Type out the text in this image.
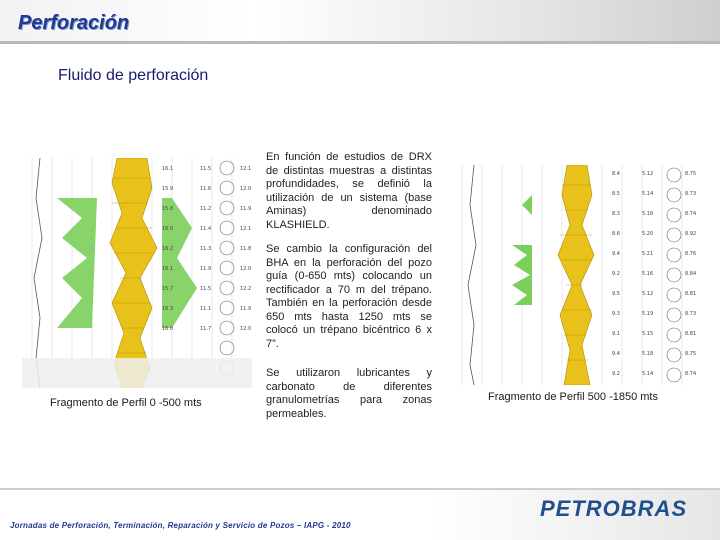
Perforación
Fluido de perforación
16.1
15.9
15.8
16.0
16.2
16.1
15.7
16.3
16.0
11.5
11.6
11.2
11.4
11.3
11.9
11.5
11.1
11.7
12.1
12.0
11.9
12.1
11.8
12.0
12.2
11.9
12.0
Fragmento de Perfil 0 -500 mts
En función de estudios de DRX de distintas muestras a distintas profundidades, se definió la utilización de un sistema (base Aminas) denominado KLASHIELD.
Se cambio la configuración del BHA en la perforación del pozo guía (0-650 mts) colocando un rectificador a 70 m del trépano. También en la perforación desde 650 mts hasta 1250 mts se colocó un trépano bicéntrico 6 x 7”.
Se utilizaron lubricantes y carbonato de diferentes granulometrías para zonas permeables.
8.4
8.5
8.3
8.6
9.4
9.2
9.5
9.3
9.1
9.4
9.2
5.12
5.14
5.18
5.20
5.21
5.16
5.12
5.19
5.15
5.18
5.14
8.75
8.73
8.74
8.92
8.76
8.84
8.81
8.73
8.81
8.75
8.74
Fragmento de Perfil 500 -1850 mts
PETROBRAS
Jornadas de Perforación, Terminación, Reparación y Servicio de Pozos – IAPG - 2010
